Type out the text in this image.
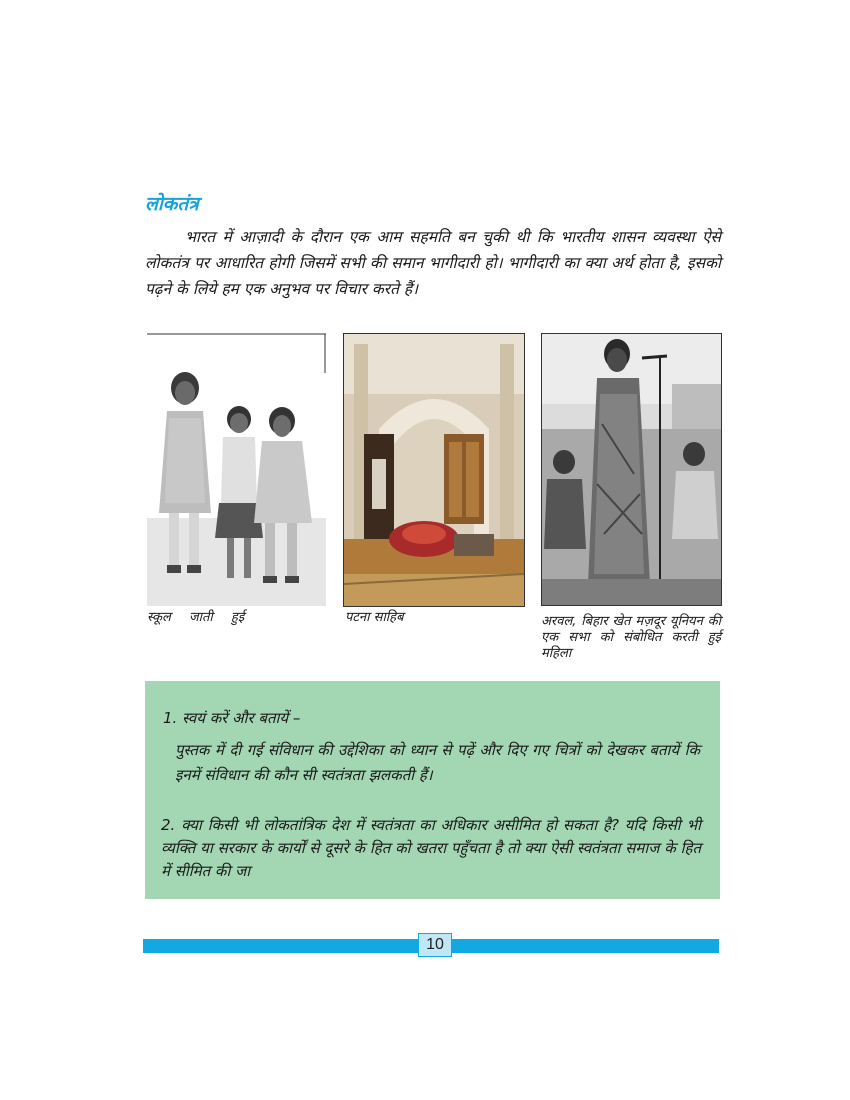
लोकतंत्र

भारत में आज़ादी के दौरान एक आम सहमति बन चुकी थी कि भारतीय शासन व्यवस्था ऐसे लोकतंत्र पर आधारित होगी जिसमें सभी की समान भागीदारी हो। भागीदारी का क्या अर्थ होता है, इसको पढ़ने के लिये हम एक अनुभव पर विचार करते हैं।

स्कूल जाती हुई	पटना साहिब	अरवल, बिहार खेत मज़दूर यूनियन की एक सभा को संबोधित करती हुई महिला

1. स्वयं करें और बतायें –

पुस्तक में दी गई संविधान की उद्देशिका को ध्यान से पढ़ें और दिए गए चित्रों को देखकर बतायें कि इनमें संविधान की कौन सी स्वतंत्रता झलकती हैं।

2. क्या किसी भी लोकतांत्रिक देश में स्वतंत्रता का अधिकार असीमित हो सकता है? यदि किसी भी व्यक्ति या सरकार के कार्यों से दूसरे के हित को खतरा पहुँचता है तो क्या ऐसी स्वतंत्रता समाज के हित में सीमित की जा

10
